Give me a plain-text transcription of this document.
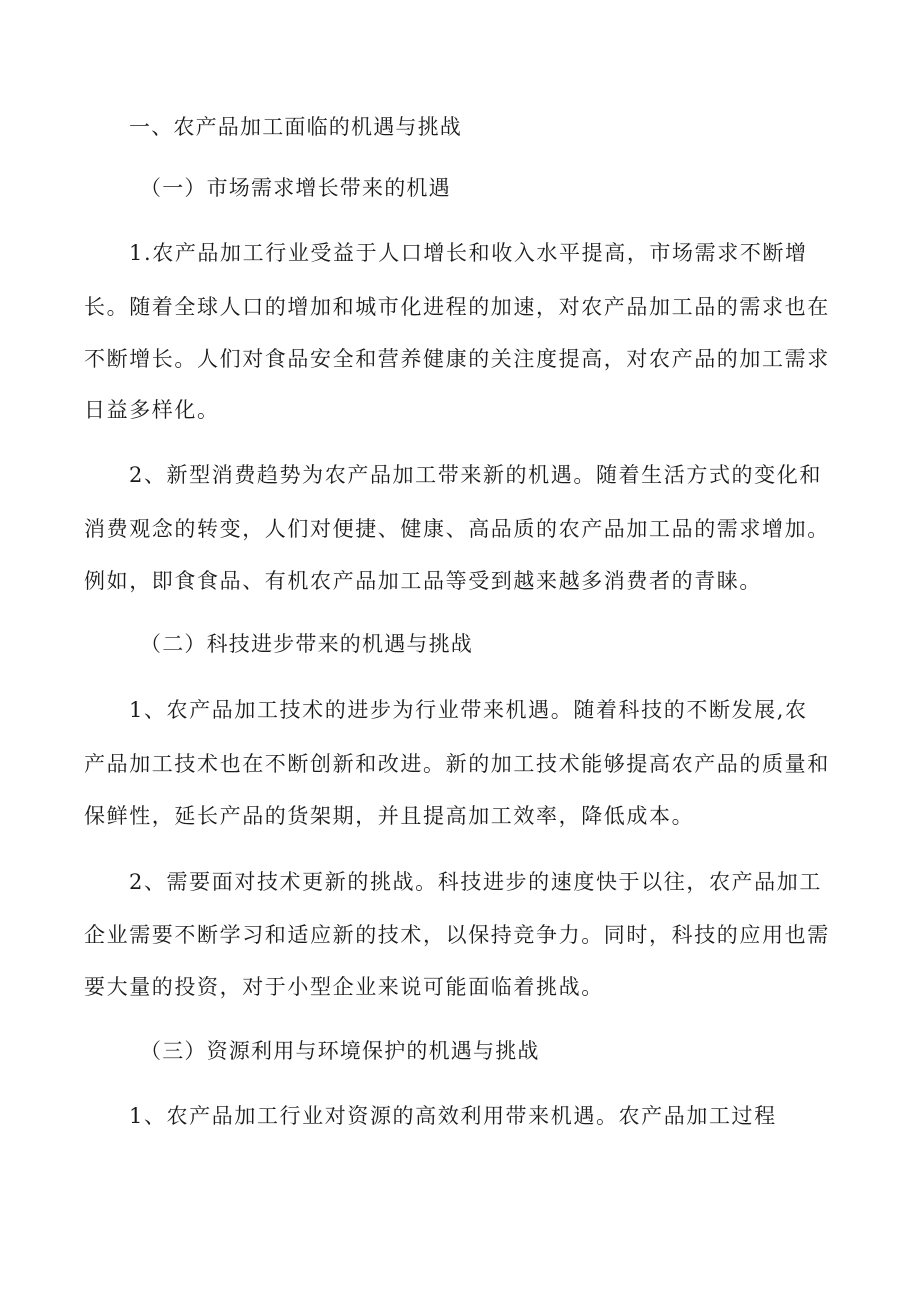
一、农产品加工面临的机遇与挑战
（一）市场需求增长带来的机遇
1.农产品加工行业受益于人口增长和收入水平提高，市场需求不断增
长。随着全球人口的增加和城市化进程的加速，对农产品加工品的需求也在
不断增长。人们对食品安全和营养健康的关注度提高，对农产品的加工需求
日益多样化。
2、新型消费趋势为农产品加工带来新的机遇。随着生活方式的变化和
消费观念的转变，人们对便捷、健康、高品质的农产品加工品的需求增加。
例如，即食食品、有机农产品加工品等受到越来越多消费者的青睐。
（二）科技进步带来的机遇与挑战
1、农产品加工技术的进步为行业带来机遇。随着科技的不断发展,农
产品加工技术也在不断创新和改进。新的加工技术能够提高农产品的质量和
保鲜性，延长产品的货架期，并且提高加工效率，降低成本。
2、需要面对技术更新的挑战。科技进步的速度快于以往，农产品加工
企业需要不断学习和适应新的技术，以保持竞争力。同时，科技的应用也需
要大量的投资，对于小型企业来说可能面临着挑战。
（三）资源利用与环境保护的机遇与挑战
1、农产品加工行业对资源的高效利用带来机遇。农产品加工过程
